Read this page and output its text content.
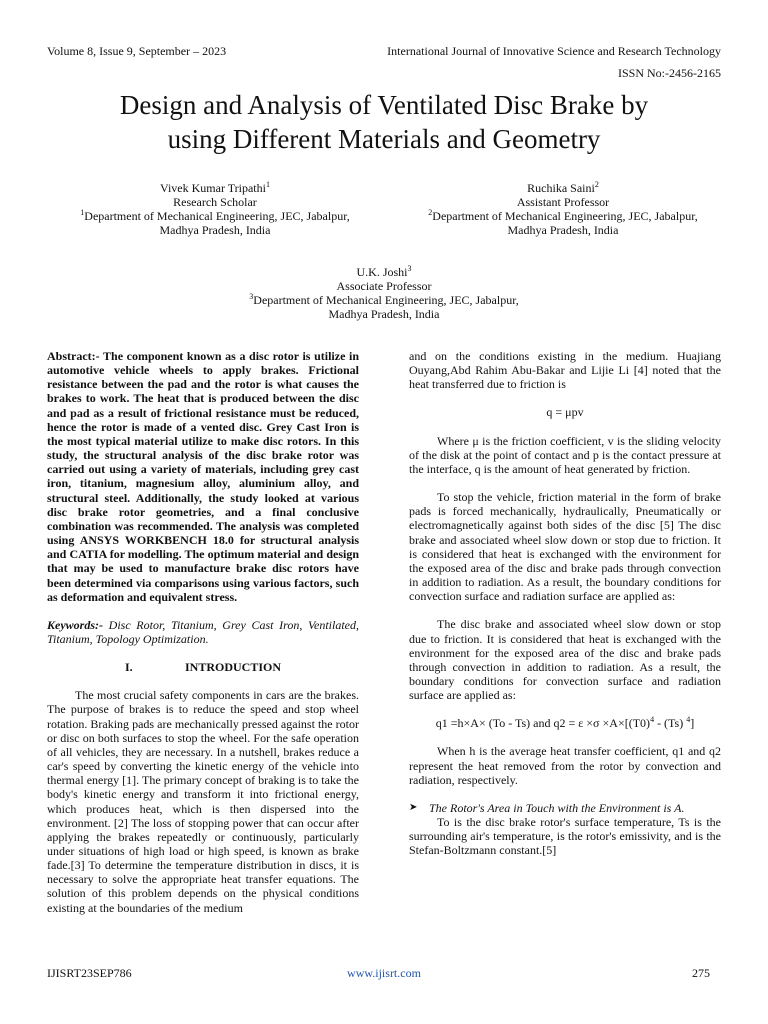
Volume 8, Issue 9, September – 2023	International Journal of Innovative Science and Research Technology
ISSN No:-2456-2165
Design and Analysis of Ventilated Disc Brake by
using Different Materials and Geometry
Vivek Kumar Tripathi$^1$
Research Scholar
$^1$Department of Mechanical Engineering, JEC, Jabalpur,
Madhya Pradesh, India
Ruchika Saini$^2$
Assistant Professor
$^2$Department of Mechanical Engineering, JEC, Jabalpur,
Madhya Pradesh, India
U.K. Joshi$^3$
Associate Professor
$^3$Department of Mechanical Engineering, JEC, Jabalpur,
Madhya Pradesh, India

Abstract:- The component known as a disc rotor is utilize in automotive vehicle wheels to apply brakes. Frictional resistance between the pad and the rotor is what causes the brakes to work. The heat that is produced between the disc and pad as a result of frictional resistance must be reduced, hence the rotor is made of a vented disc. Grey Cast Iron is the most typical material utilize to make disc rotors. In this study, the structural analysis of the disc brake rotor was carried out using a variety of materials, including grey cast iron, titanium, magnesium alloy, aluminium alloy, and structural steel. Additionally, the study looked at various disc brake rotor geometries, and a final conclusive combination was recommended. The analysis was completed using ANSYS WORKBENCH 18.0 for structural analysis and CATIA for modelling. The optimum material and design that may be used to manufacture brake disc rotors have been determined via comparisons using various factors, such as deformation and equivalent stress.

Keywords:- Disc Rotor, Titanium, Grey Cast Iron, Ventilated, Titanium, Topology Optimization.

I.	INTRODUCTION

The most crucial safety components in cars are the brakes. The purpose of brakes is to reduce the speed and stop wheel rotation. Braking pads are mechanically pressed against the rotor or disc on both surfaces to stop the wheel. For the safe operation of all vehicles, they are necessary. In a nutshell, brakes reduce a car's speed by converting the kinetic energy of the vehicle into thermal energy [1]. The primary concept of braking is to take the body's kinetic energy and transform it into frictional energy, which produces heat, which is then dispersed into the environment. [2] The loss of stopping power that can occur after applying the brakes repeatedly or continuously, particularly under situations of high load or high speed, is known as brake fade.[3] To determine the temperature distribution in discs, it is necessary to solve the appropriate heat transfer equations. The solution of this problem depends on the physical conditions existing at the boundaries of the medium

and on the conditions existing in the medium. Huajiang Ouyang,Abd Rahim Abu-Bakar and Lijie Li [4] noted that the heat transferred due to friction is

q = μpv

Where μ is the friction coefficient, v is the sliding velocity of the disk at the point of contact and p is the contact pressure at the interface, q is the amount of heat generated by friction.

To stop the vehicle, friction material in the form of brake pads is forced mechanically, hydraulically, Pneumatically or electromagnetically against both sides of the disc [5] The disc brake and associated wheel slow down or stop due to friction. It is considered that heat is exchanged with the environment for the exposed area of the disc and brake pads through convection in addition to radiation. As a result, the boundary conditions for convection surface and radiation surface are applied as:

The disc brake and associated wheel slow down or stop due to friction. It is considered that heat is exchanged with the environment for the exposed area of the disc and brake pads through convection in addition to radiation. As a result, the boundary conditions for convection surface and radiation surface are applied as:

q1 =h×A× (To - Ts) and $q2 = \varepsilon \times\sigma \times A\times[(T0)^4 - (Ts)$ $^4$]

When h is the average heat transfer coefficient, q1 and q2 represent the heat removed from the rotor by convection and radiation, respectively.

➤ The Rotor's Area in Touch with the Environment is A.

To is the disc brake rotor's surface temperature, Ts is the surrounding air's temperature, is the rotor's emissivity, and is the Stefan-Boltzmann constant.[5]

IJISRT23SEP786	www.ijisrt.com	275
